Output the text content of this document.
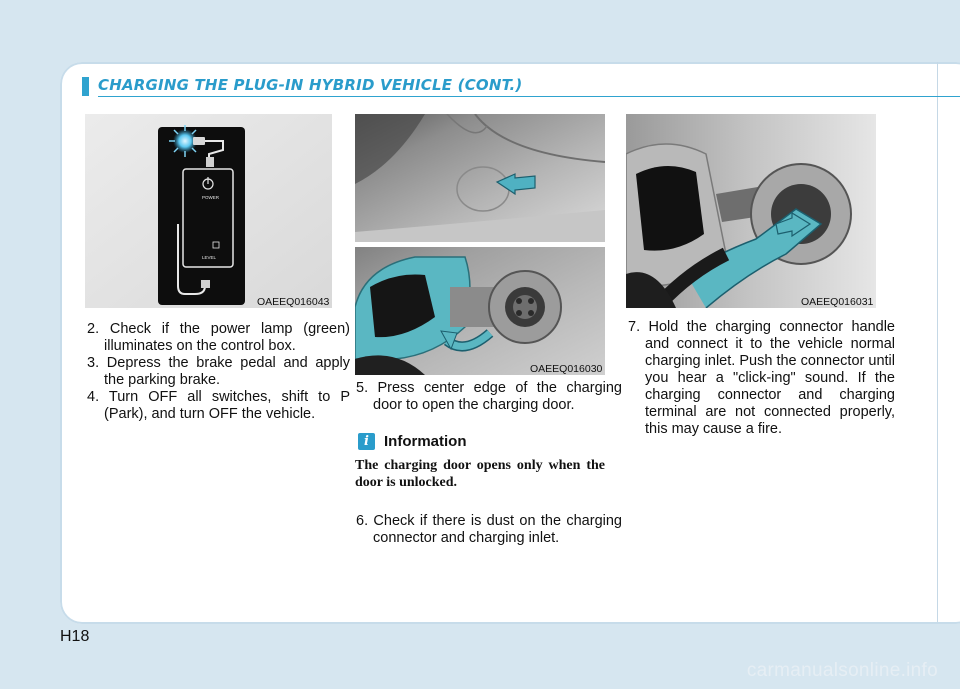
CHARGING THE PLUG-IN HYBRID VEHICLE (CONT.)
POWER
LEVEL
OAEEQ016043
OAEEQ016030
OAEEQ016031
2. Check if the power lamp (green) illuminates on the control box.
3. Depress the brake pedal and apply the parking brake.
4. Turn OFF all switches, shift to P (Park), and turn OFF the vehicle.
5. Press center edge of the charging door to open the charging door.
i	Information
The charging door opens only when the door is unlocked.
6. Check if there is dust on the charging connector and charging inlet.
7. Hold the charging connector handle and connect it to the vehicle normal charging inlet. Push the connector until you hear a "click-ing" sound. If the charging connector and charging terminal are not connected properly, this may cause a fire.
H18
carmanualsonline.info
